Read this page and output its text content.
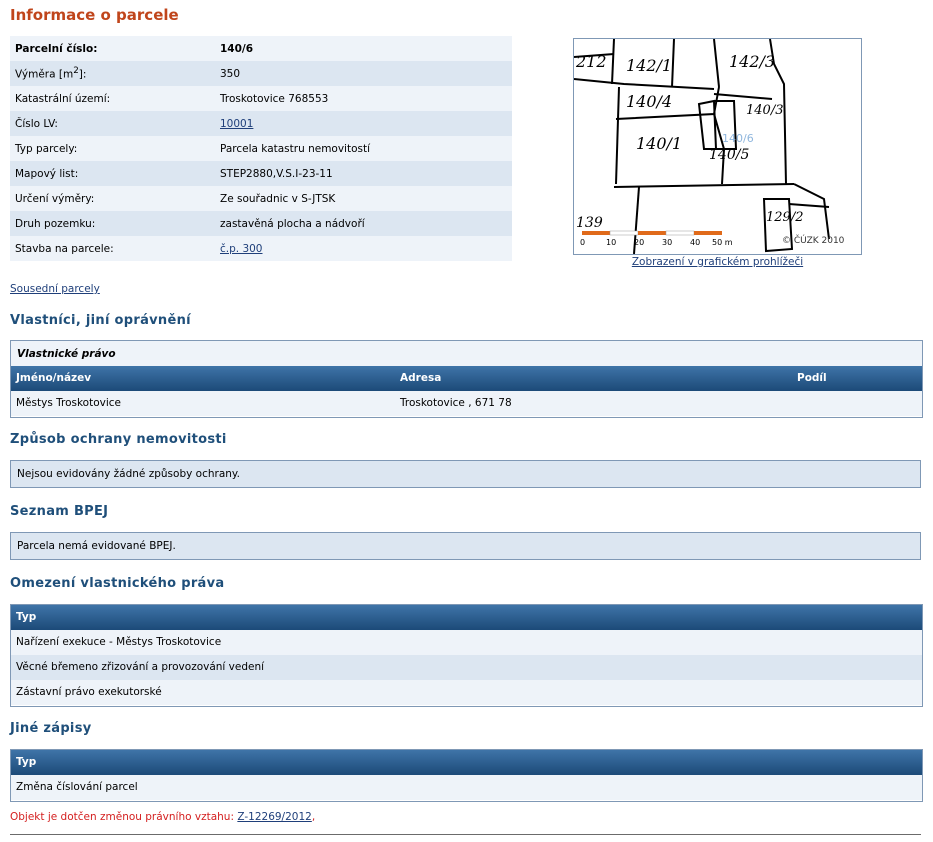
Informace o parcele
Parcelní číslo:	140/6
Výměra $[m^2]$:	350
Katastrální území:	Troskotovice 768553
Číslo LV:	10001
Typ parcely:	Parcela katastru nemovitostí
Mapový list:	STEP2880,V.S.I-23-11
Určení výměry:	Ze souřadnic v S-JTSK
Druh pozemku:	zastavěná plocha a nádvoří
Stavba na parcele:	č.p. 300
212 142/1	142/3
140/4	140/3
140/1
140/5
139	129/2
140/6
0	10 20 30 40 50 m	© ČÚZK 2010
Zobrazení v grafickém prohlížeči
Sousední parcely
Vlastníci, jiní oprávnění
Vlastnické právo
Jméno/název	Adresa	Podíl
Městys Troskotovice	Troskotovice , 671 78
Způsob ochrany nemovitosti
Nejsou evidovány žádné způsoby ochrany.
Seznam BPEJ
Parcela nemá evidované BPEJ.
Omezení vlastnického práva
Typ
Nařízení exekuce - Městys Troskotovice
Věcné břemeno zřizování a provozování vedení
Zástavní právo exekutorské
Jiné zápisy
Typ
Změna číslování parcel
Objekt je dotčen změnou právního vztahu: Z-12269/2012,
